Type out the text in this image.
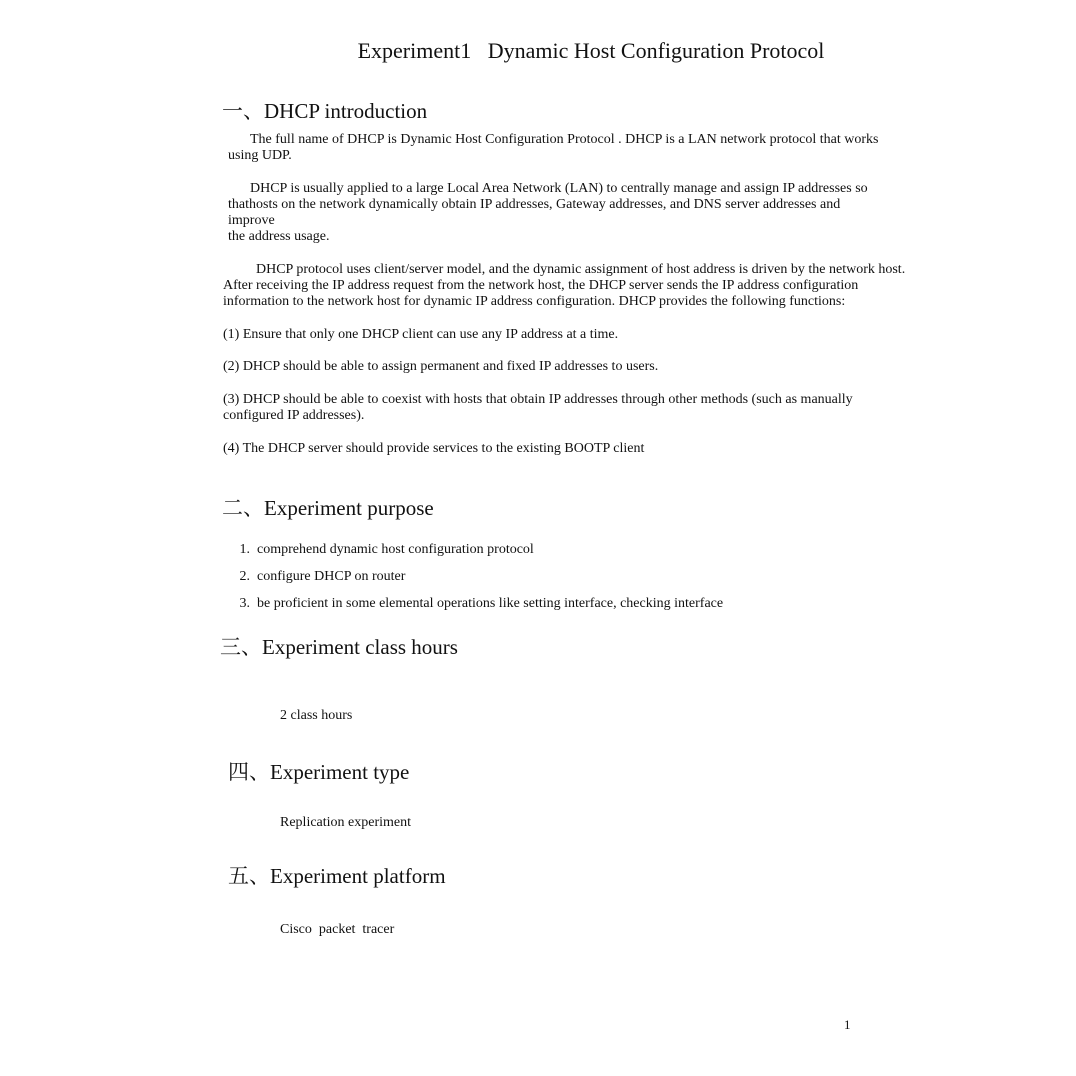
Experiment1   Dynamic Host Configuration Protocol
一、DHCP introduction
The full name of DHCP is Dynamic Host Configuration Protocol . DHCP is a LAN network protocol that works
using UDP.
DHCP is usually applied to a large Local Area Network (LAN) to centrally manage and assign IP addresses so
thathosts on the network dynamically obtain IP addresses, Gateway addresses, and DNS server addresses and
improve
the address usage.
DHCP protocol uses client/server model, and the dynamic assignment of host address is driven by the network host.
After receiving the IP address request from the network host, the DHCP server sends the IP address configuration
information to the network host for dynamic IP address configuration. DHCP provides the following functions:
(1) Ensure that only one DHCP client can use any IP address at a time.
(2) DHCP should be able to assign permanent and fixed IP addresses to users.
(3) DHCP should be able to coexist with hosts that obtain IP addresses through other methods (such as manually
configured IP addresses).
(4) The DHCP server should provide services to the existing BOOTP client
二、Experiment purpose
1. comprehend dynamic host configuration protocol
2. configure DHCP on router
3. be proficient in some elemental operations like setting interface, checking interface
三、Experiment class hours
2 class hours
四、Experiment type
Replication experiment
五、Experiment platform
Cisco  packet  tracer
1
